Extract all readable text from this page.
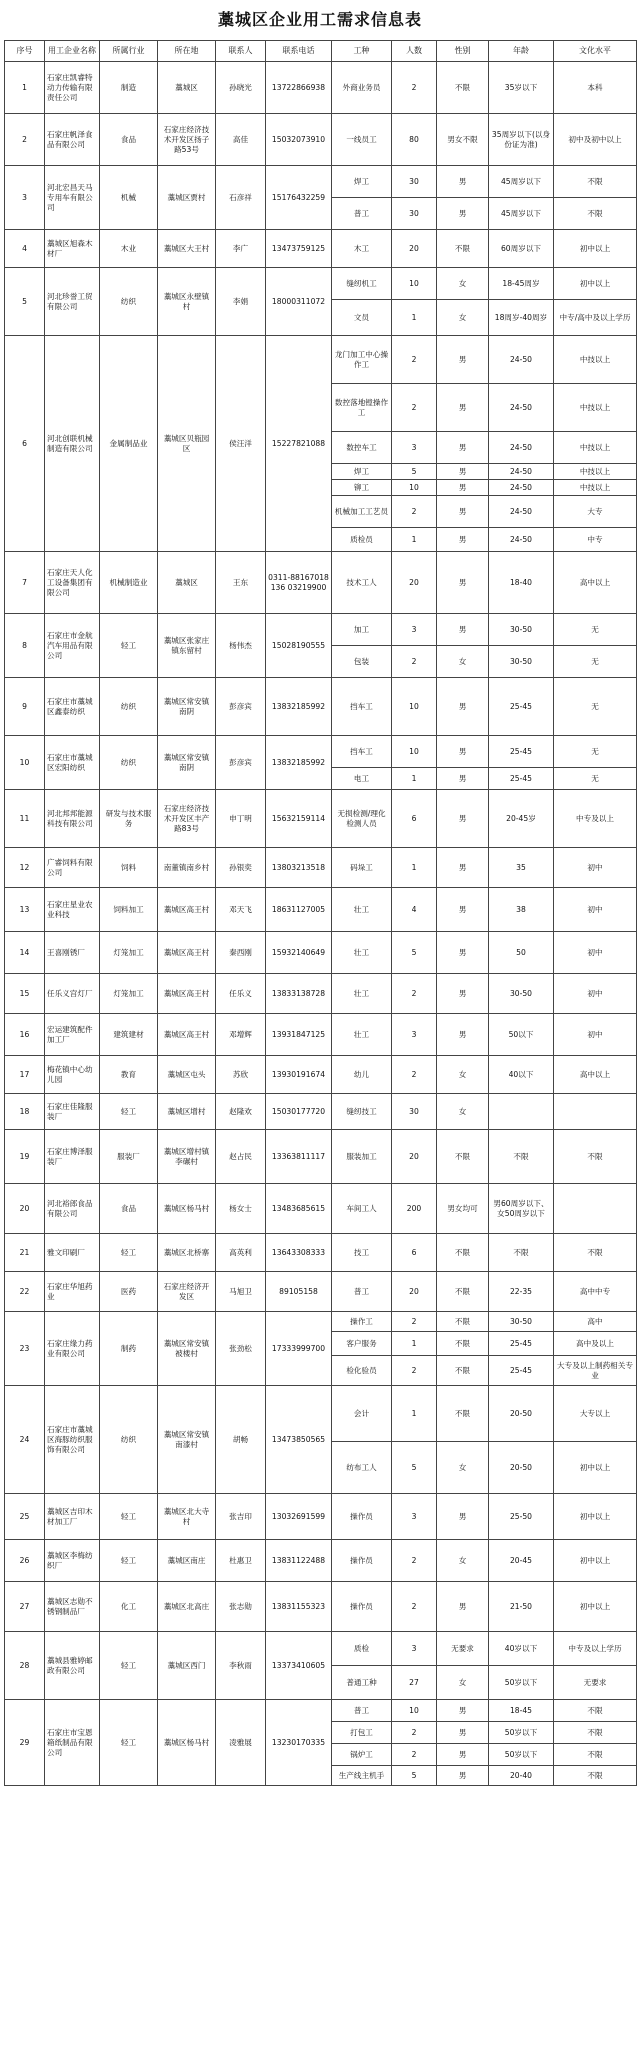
藁城区企业用工需求信息表
序号	用工企业名称	所属行业	所在地	联系人	联系电话	工种	人数	性别	年龄	文化水平
1	石家庄凯睿特动力传输有限责任公司	制造	藁城区	孙晓光	13722866938	外商业务员	2	不限	35岁以下	本科
2	石家庄帆泽食品有限公司	食品	石家庄经济技术开发区扬子路53号	高佳	15032073910	一线员工	80	男女不限	35周岁以下(以身份证为准)	初中及初中以上
3	河北宏昌天马专用车有限公司	机械	藁城区贾村	石彦祥	15176432259	焊工	30	男	45周岁以下	不限
						普工	30	男	45周岁以下	不限
4	藁城区旭森木材厂	木业	藁城区大王村	李广	13473759125	木工	20	不限	60周岁以下	初中以上
5	河北珍誉工贸有限公司	纺织	藁城区永壁镇村	李娟	18000311072	缝纫机工	10	女	18-45周岁	初中以上
						文员	1	女	18周岁-40周岁	中专/高中及以上学历
6	河北创联机械制造有限公司	金属制品业	藁城区贝瓶园区	侯汪洋	15227821088	龙门加工中心操作工	2	男	24-50	中技以上
						数控落地镗操作工	2	男	24-50	中技以上
						数控车工	3	男	24-50	中技以上
						焊工	5	男	24-50	中技以上
						铆工	10	男	24-50	中技以上
						机械加工工艺员	2	男	24-50	大专
						质检员	1	男	24-50	中专
7	石家庄天人化工设备集团有限公司	机械制造业	藁城区	王东	0311-88167018136 03219900	技术工人	20	男	18-40	高中以上
8	石家庄市金航汽车用品有限公司	轻工	藁城区张家庄镇东留村	杨伟杰	15028190555	加工	3	男	30-50	无
						包装	2	女	30-50	无
9	石家庄市藁城区鑫泰纺织	纺织	藁城区常安镇南阴	彭彦宾	13832185992	挡车工	10	男	25-45	无
10	石家庄市藁城区宏阳纺织	纺织	藁城区常安镇南阴	彭彦宾	13832185992	挡车工	10	男	25-45	无
						电工	1	男	25-45	无
11	河北邦邦能源科技有限公司	研发与技术服务	石家庄经济技术开发区丰产路83号	申丁明	15632159114	无损检测/理化检测人员	6	男	20-45岁	中专及以上
12	广睿饲料有限公司	饲料	南董镇南乡村	孙银奕	13803213518	码垛工	1	男	35	初中
13	石家庄星业农业科技	饲料加工	藁城区高王村	邓天飞	18631127005	壮工	4	男	38	初中
14	王喜刚锈厂	灯笼加工	藁城区高王村	秦西刚	15932140649	壮工	5	男	50	初中
15	任乐义宫灯厂	灯笼加工	藁城区高王村	任乐义	13833138728	壮工	2	男	30-50	初中
16	宏运建筑配件加工厂	建筑建材	藁城区高王村	邓增辉	13931847125	壮工	3	男	50以下	初中
17	梅花镇中心幼儿园	教育	藁城区屯头	苏欣	13930191674	幼儿	2	女	40以下	高中以上
18	石家庄佳隆服装厂	轻工	藁城区增村	赵隆欢	15030177720	缝纫技工	30	女		
19	石家庄博泽服装厂	服装厂	藁城区增村镇李碾村	赵占民	13363811117	服装加工	20	不限	不限	不限
20	河北裕郎食品有限公司	食品	藁城区杨马村	杨女士	13483685615	车间工人	200	男女均可	男60周岁以下、女50周岁以下	
21	雅文印刷厂	轻工	藁城区北桥寨	高英利	13643308333	技工	6	不限	不限	不限
22	石家庄华旭药业	医药	石家庄经济开发区	马旭卫	89105158	普工	20	不限	22-35	高中中专
23	石家庄缘力药业有限公司	制药	藁城区常安镇被楼村	张劲松	17333999700	操作工	2	不限	30-50	高中
						客户服务	1	不限	25-45	高中及以上
						检化验员	2	不限	25-45	大专及以上制药相关专业
24	石家庄市藁城区海豚纺织服饰有限公司	纺织	藁城区常安镇南漆村	胡畅	13473850565	会计	1	不限	20-50	大专以上
						纺布工人	5	女	20-50	初中以上
25	藁城区吉印木材加工厂	轻工	藁城区北大寺村	张吉印	13032691599	操作员	3	男	25-50	初中以上
26	藁城区李梅纺织厂	轻工	藁城区南庄	杜惠卫	13831122488	操作员	2	女	20-45	初中以上
27	藁城区志勋不锈钢制品厂	化工	藁城区北高庄	张志勋	13831155323	操作员	2	男	21-50	初中以上
28	藁城县雅婷邮政有限公司	轻工	藁城区西门	李秋雨	13373410605	质检	3	无要求	40岁以下	中专及以上学历
						普通工种	27	女	50岁以下	无要求
29	石家庄市宝恩箱纸制品有限公司	轻工	藁城区杨马村	凌雅展	13230170335	普工	10	男	18-45	不限
						打包工	2	男	50岁以下	不限
						锅炉工	2	男	50岁以下	不限
						生产线主机手	5	男	20-40	不限
